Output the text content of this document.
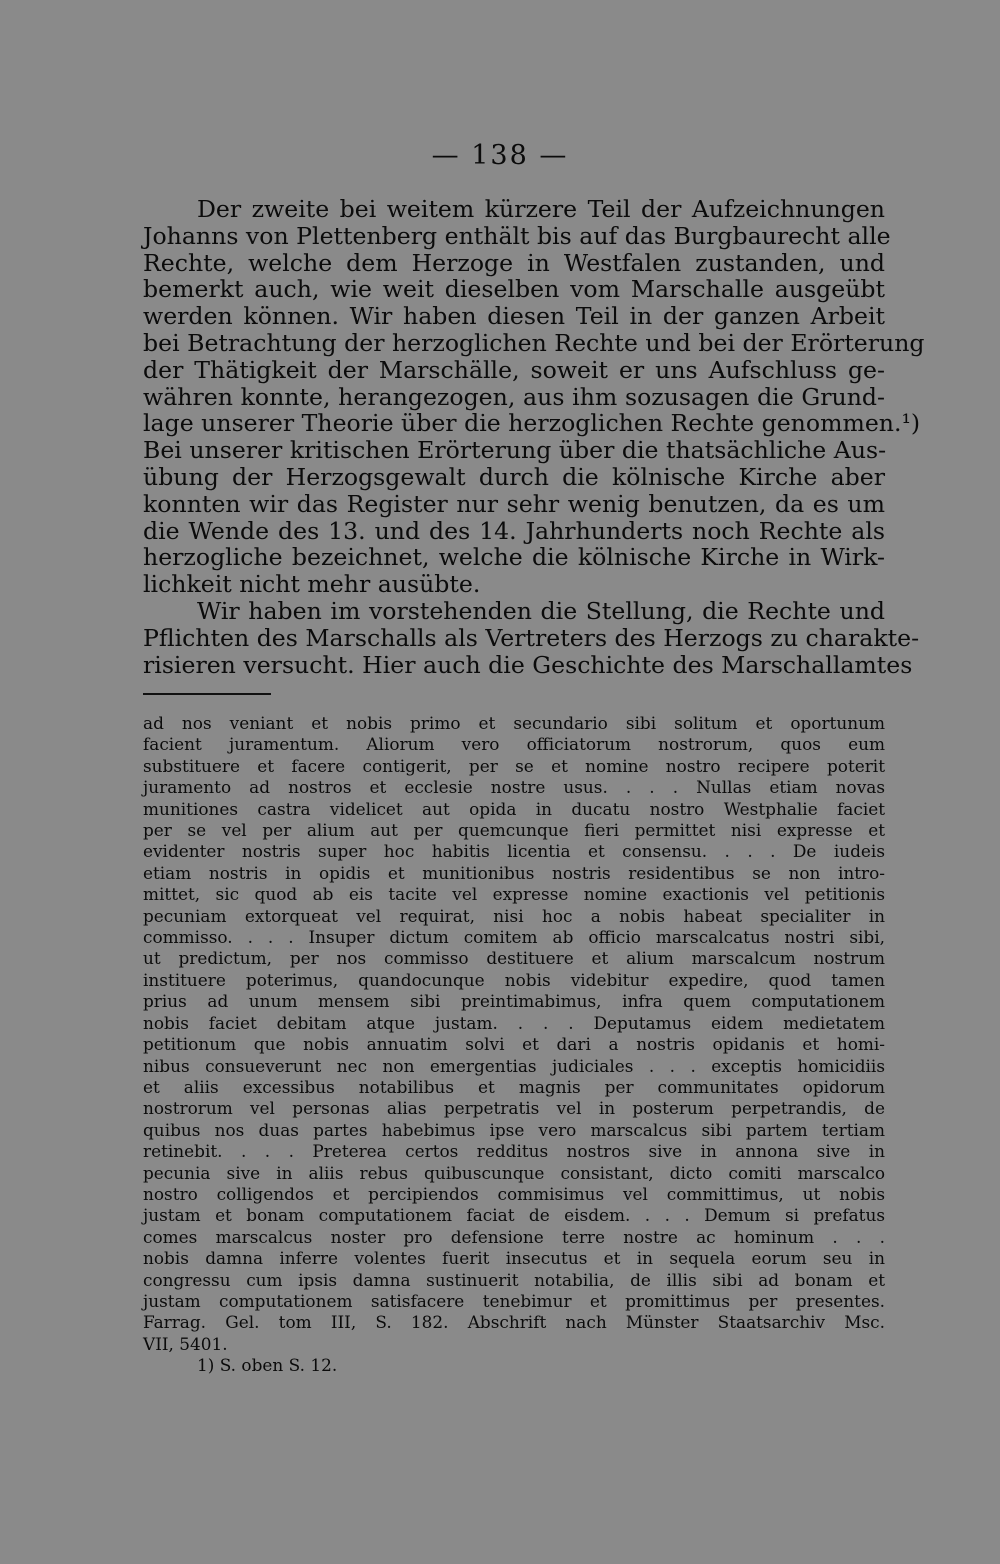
— 138 —
Der zweite bei weitem kürzere Teil der Aufzeichnungen
Johanns von Plettenberg enthält bis auf das Burgbaurecht alle
Rechte, welche dem Herzoge in Westfalen zustanden, und
bemerkt auch, wie weit dieselben vom Marschalle ausgeübt
werden können. Wir haben diesen Teil in der ganzen Arbeit
bei Betrachtung der herzoglichen Rechte und bei der Erörterung
der Thätigkeit der Marschälle, soweit er uns Aufschluss ge-
währen konnte, herangezogen, aus ihm sozusagen die Grund-
lage unserer Theorie über die herzoglichen Rechte genommen.¹)
Bei unserer kritischen Erörterung über die thatsächliche Aus-
übung der Herzogsgewalt durch die kölnische Kirche aber
konnten wir das Register nur sehr wenig benutzen, da es um
die Wende des 13. und des 14. Jahrhunderts noch Rechte als
herzogliche bezeichnet, welche die kölnische Kirche in Wirk-
lichkeit nicht mehr ausübte.
Wir haben im vorstehenden die Stellung, die Rechte und
Pflichten des Marschalls als Vertreters des Herzogs zu charakte-
risieren versucht. Hier auch die Geschichte des Marschallamtes
ad nos veniant et nobis primo et secundario sibi solitum et oportunum
facient juramentum. Aliorum vero officiatorum nostrorum, quos eum
substituere et facere contigerit, per se et nomine nostro recipere poterit
juramento ad nostros et ecclesie nostre usus. . . . Nullas etiam novas
munitiones castra videlicet aut opida in ducatu nostro Westphalie faciet
per se vel per alium aut per quemcunque fieri permittet nisi expresse et
evidenter nostris super hoc habitis licentia et consensu. . . . De iudeis
etiam nostris in opidis et munitionibus nostris residentibus se non intro-
mittet, sic quod ab eis tacite vel expresse nomine exactionis vel petitionis
pecuniam extorqueat vel requirat, nisi hoc a nobis habeat specialiter in
commisso. . . . Insuper dictum comitem ab officio marscalcatus nostri sibi,
ut predictum, per nos commisso destituere et alium marscalcum nostrum
instituere poterimus, quandocunque nobis videbitur expedire, quod tamen
prius ad unum mensem sibi preintimabimus, infra quem computationem
nobis faciet debitam atque justam. . . . Deputamus eidem medietatem
petitionum que nobis annuatim solvi et dari a nostris opidanis et homi-
nibus consueverunt nec non emergentias judiciales . . . exceptis homicidiis
et aliis excessibus notabilibus et magnis per communitates opidorum
nostrorum vel personas alias perpetratis vel in posterum perpetrandis, de
quibus nos duas partes habebimus ipse vero marscalcus sibi partem tertiam
retinebit. . . . Preterea certos redditus nostros sive in annona sive in
pecunia sive in aliis rebus quibuscunque consistant, dicto comiti marscalco
nostro colligendos et percipiendos commisimus vel committimus, ut nobis
justam et bonam computationem faciat de eisdem. . . . Demum si prefatus
comes marscalcus noster pro defensione terre nostre ac hominum . . .
nobis damna inferre volentes fuerit insecutus et in sequela eorum seu in
congressu cum ipsis damna sustinuerit notabilia, de illis sibi ad bonam et
justam computationem satisfacere tenebimur et promittimus per presentes.
Farrag. Gel. tom III, S. 182. Abschrift nach Münster Staatsarchiv Msc.
VII, 5401.
1) S. oben S. 12.
